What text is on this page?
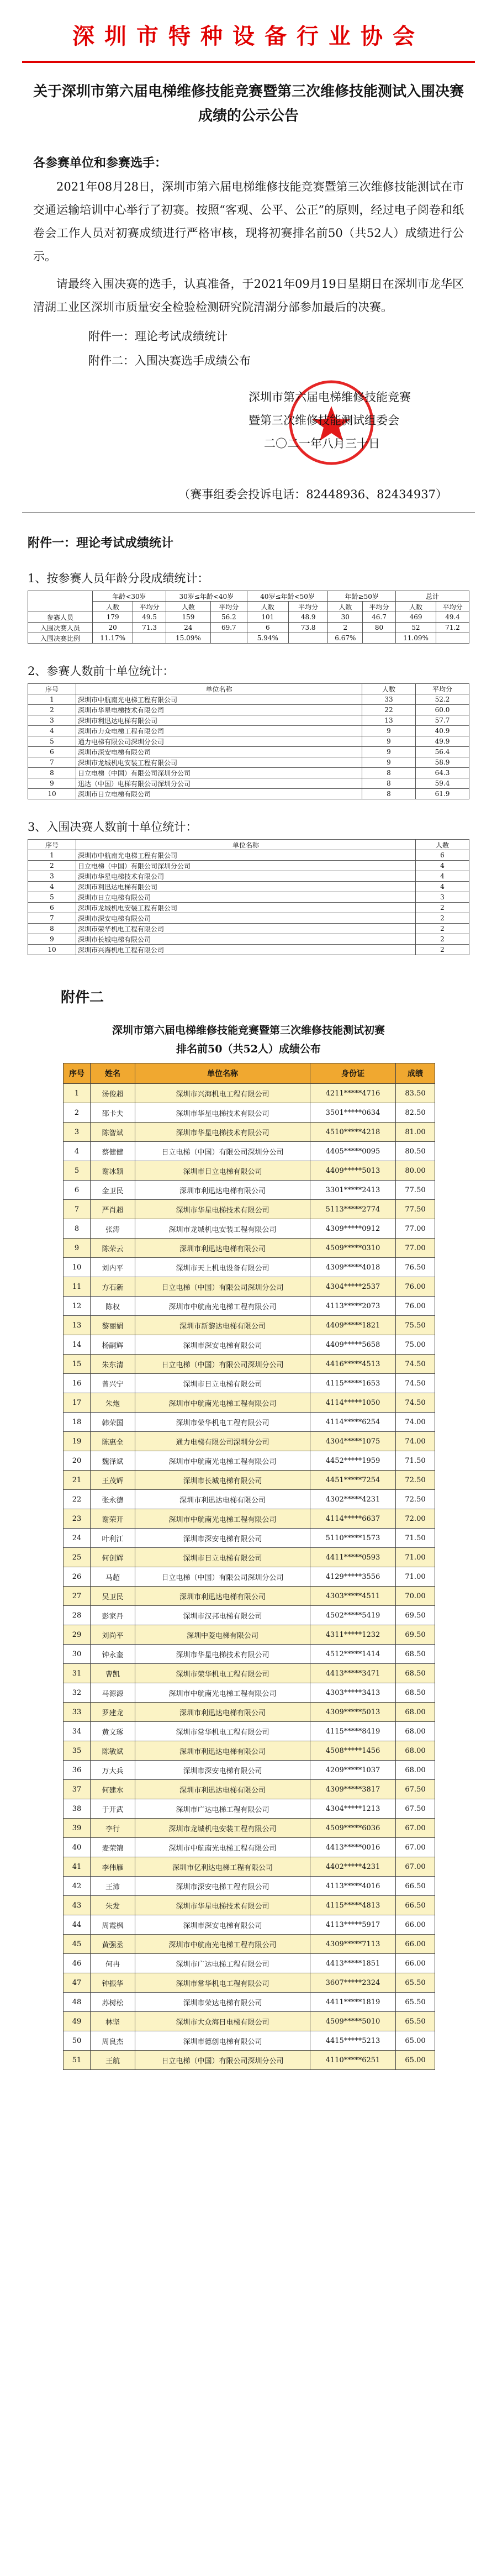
深圳市特种设备行业协会
关于深圳市第六届电梯维修技能竞赛暨第三次维修技能测试入围决赛成绩的公示公告
各参赛单位和参赛选手：
2021年08月28日，深圳市第六届电梯维修技能竞赛暨第三次维修技能测试在市交通运输培训中心举行了初赛。按照“客观、公平、公正”的原则，经过电子阅卷和纸卷会工作人员对初赛成绩进行严格审核，现将初赛排名前50（共52人）成绩进行公示。
请最终入围决赛的选手，认真准备，于2021年09月19日星期日在深圳市龙华区清湖工业区深圳市质量安全检验检测研究院清湖分部参加最后的决赛。
附件一：理论考试成绩统计
附件二：入围决赛选手成绩公布
深圳市第六届电梯维修技能竞赛
暨第三次维修技能测试组委会
二〇二一年八月三十日
（赛事组委会投诉电话：82448936、82434937）
附件一：理论考试成绩统计
1、按参赛人员年龄分段成绩统计：
	年龄<30岁		30岁≤年龄<40岁		40岁≤年龄<50岁		年龄≥50岁		总计	
	人数	平均分	人数	平均分	人数	平均分	人数	平均分	人数	平均分
参赛人员	179	49.5	159	56.2	101	48.9	30	46.7	469	49.4
入围决赛人员	20	71.3	24	69.7	6	73.8	2	80	52	71.2
入围决赛比例	11.17%		15.09%		5.94%		6.67%		11.09%	
2、参赛人数前十单位统计：
序号	单位名称	人数	平均分
1	深圳市中航南光电梯工程有限公司	33	52.2
2	深圳市华星电梯技术有限公司	22	60.0
3	深圳市利迅达电梯有限公司	13	57.7
4	深圳市力众电梯工程有限公司	9	40.9
5	通力电梯有限公司深圳分公司	9	49.9
6	深圳市深安电梯有限公司	9	56.4
7	深圳市龙城机电安装工程有限公司	9	58.9
8	日立电梯（中国）有限公司深圳分公司	8	64.3
9	迅达（中国）电梯有限公司深圳分公司	8	59.4
10	深圳市日立电梯有限公司	8	61.9
3、入围决赛人数前十单位统计：
序号	单位名称	人数
1	深圳市中航南光电梯工程有限公司	6
2	日立电梯（中国）有限公司深圳分公司	4
3	深圳市华星电梯技术有限公司	4
4	深圳市利迅达电梯有限公司	4
5	深圳市日立电梯有限公司	3
6	深圳市龙城机电安装工程有限公司	2
7	深圳市深安电梯有限公司	2
8	深圳市荣华机电工程有限公司	2
9	深圳市长城电梯有限公司	2
10	深圳市兴海机电工程有限公司	2
附件二
深圳市第六届电梯维修技能竞赛暨第三次维修技能测试初赛
排名前50（共52人）成绩公布
序号	姓名	单位名称	身份证	成绩
1	汤俊超	深圳市兴海机电工程有限公司	4211*****4716	83.50
2	邵卡夫	深圳市华星电梯技术有限公司	3501*****0634	82.50
3	陈智斌	深圳市华星电梯技术有限公司	4510*****4218	81.00
4	蔡健健	日立电梯（中国）有限公司深圳分公司	4405*****0095	80.50
5	谢冰颖	深圳市日立电梯有限公司	4409*****5013	80.00
6	金卫民	深圳市利迅达电梯有限公司	3301*****2413	77.50
7	严肖超	深圳市华星电梯技术有限公司	5113*****2774	77.50
8	张涛	深圳市龙城机电安装工程有限公司	4309*****0912	77.00
9	陈荣云	深圳市利迅达电梯有限公司	4509*****0310	77.00
10	刘内平	深圳市天上机电设备有限公司	4309*****4018	76.50
11	方石新	日立电梯（中国）有限公司深圳分公司	4304*****2537	76.00
12	陈权	深圳市中航南光电梯工程有限公司	4113*****2073	76.00
13	黎丽娟	深圳市新黎达电梯有限公司	4409*****1821	75.50
14	杨嗣辉	深圳市深安电梯有限公司	4409*****5658	75.00
15	朱东清	日立电梯（中国）有限公司深圳分公司	4416*****4513	74.50
16	曾兴宁	深圳市日立电梯有限公司	4115*****1653	74.50
17	朱炮	深圳市中航南光电梯工程有限公司	4114*****1050	74.50
18	韩荣国	深圳市荣华机电工程有限公司	4114*****6254	74.00
19	陈惠全	通力电梯有限公司深圳分公司	4304*****1075	74.00
20	魏泽斌	深圳市中航南光电梯工程有限公司	4452*****1959	71.50
21	王茂辉	深圳市长城电梯有限公司	4451*****7254	72.50
22	张永德	深圳市利迅达电梯有限公司	4302*****4231	72.50
23	谢荣开	深圳市中航南光电梯工程有限公司	4114*****6637	72.00
24	叶利江	深圳市深安电梯有限公司	5110*****1573	71.50
25	何创辉	深圳市日立电梯有限公司	4411*****0593	71.00
26	马超	日立电梯（中国）有限公司深圳分公司	4129*****3556	71.00
27	吴卫民	深圳市利迅达电梯有限公司	4303*****4511	70.00
28	彭家丹	深圳市汉邦电梯有限公司	4502*****5419	69.50
29	刘尚平	深圳中菱电梯有限公司	4311*****1232	69.50
30	钟永奎	深圳市华星电梯技术有限公司	4512*****1414	68.50
31	曹凯	深圳市荣华机电工程有限公司	4413*****3471	68.50
32	马源源	深圳市中航南光电梯工程有限公司	4303*****3413	68.50
33	罗建龙	深圳市利迅达电梯有限公司	4309*****5013	68.00
34	黄文琢	深圳市常华机电工程有限公司	4115*****8419	68.00
35	陈敏斌	深圳市利迅达电梯有限公司	4508*****1456	68.00
36	万大兵	深圳市深安电梯有限公司	4209*****1037	68.00
37	何建水	深圳市利迅达电梯有限公司	4309*****3817	67.50
38	于开武	深圳市广达电梯工程有限公司	4304*****1213	67.50
39	李行	深圳市龙城机电安装工程有限公司	4509*****6036	67.00
40	麦荣锦	深圳市中航南光电梯工程有限公司	4413*****0016	67.00
41	李伟雁	深圳市亿利达电梯工程有限公司	4402*****4231	67.00
42	王沛	深圳市深安电梯工程有限公司	4113*****4016	66.50
43	朱发	深圳市华星电梯技术有限公司	4115*****4813	66.50
44	周霞枫	深圳市深安电梯有限公司	4113*****5917	66.00
45	黄强丞	深圳市中航南光电梯工程有限公司	4309*****7113	66.00
46	何冉	深圳市广达电梯工程有限公司	4413*****1851	66.00
47	钟振华	深圳市常华机电工程有限公司	3607*****2324	65.50
48	苏树松	深圳市荣达电梯有限公司	4411*****1819	65.50
49	林坚	深圳市大众海日电梯有限公司	4509*****5010	65.50
50	周良杰	深圳市德创电梯有限公司	4415*****5213	65.00
51	王航	日立电梯（中国）有限公司深圳分公司	4110*****6251	65.00
